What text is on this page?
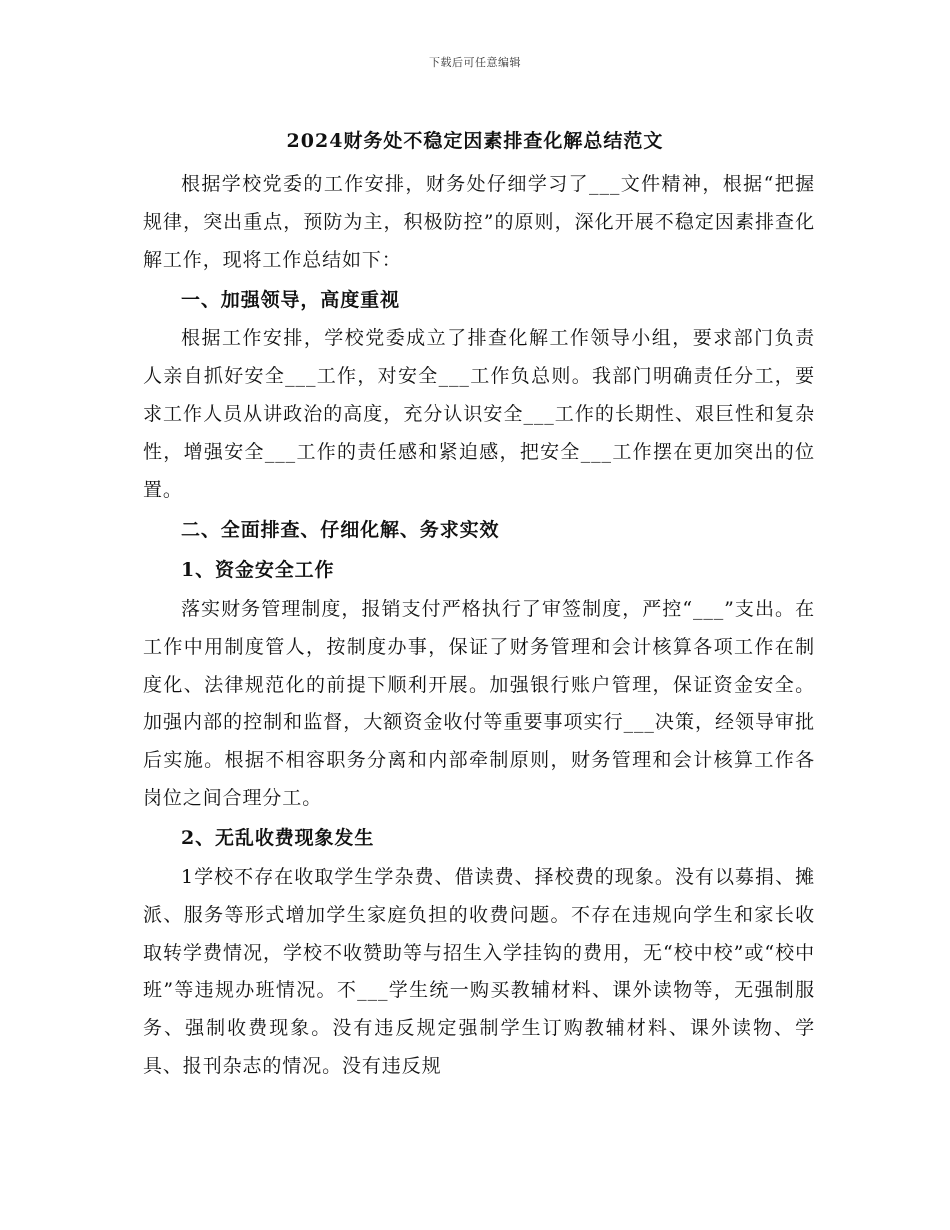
下载后可任意编辑
2024财务处不稳定因素排查化解总结范文

根据学校党委的工作安排，财务处仔细学习了___文件精神，根据“把握规律，突出重点，预防为主，积极防控”的原则，深化开展不稳定因素排查化解工作，现将工作总结如下：

一、加强领导，高度重视

根据工作安排，学校党委成立了排查化解工作领导小组，要求部门负责人亲自抓好安全___工作，对安全___工作负总则。我部门明确责任分工，要求工作人员从讲政治的高度，充分认识安全___工作的长期性、艰巨性和复杂性，增强安全___工作的责任感和紧迫感，把安全___工作摆在更加突出的位置。

二、全面排查、仔细化解、务求实效
1、资金安全工作

落实财务管理制度，报销支付严格执行了审签制度，严控“___”支出。在工作中用制度管人，按制度办事，保证了财务管理和会计核算各项工作在制度化、法律规范化的前提下顺利开展。加强银行账户管理，保证资金安全。加强内部的控制和监督，大额资金收付等重要事项实行___决策，经领导审批后实施。根据不相容职务分离和内部牵制原则，财务管理和会计核算工作各岗位之间合理分工。

2、无乱收费现象发生

1学校不存在收取学生学杂费、借读费、择校费的现象。没有以募捐、摊派、服务等形式增加学生家庭负担的收费问题。不存在违规向学生和家长收取转学费情况，学校不收赞助等与招生入学挂钩的费用，无“校中校”或“校中班”等违规办班情况。不___学生统一购买教辅材料、课外读物等，无强制服务、强制收费现象。没有违反规定强制学生订购教辅材料、课外读物、学具、报刊杂志的情况。没有违反规
